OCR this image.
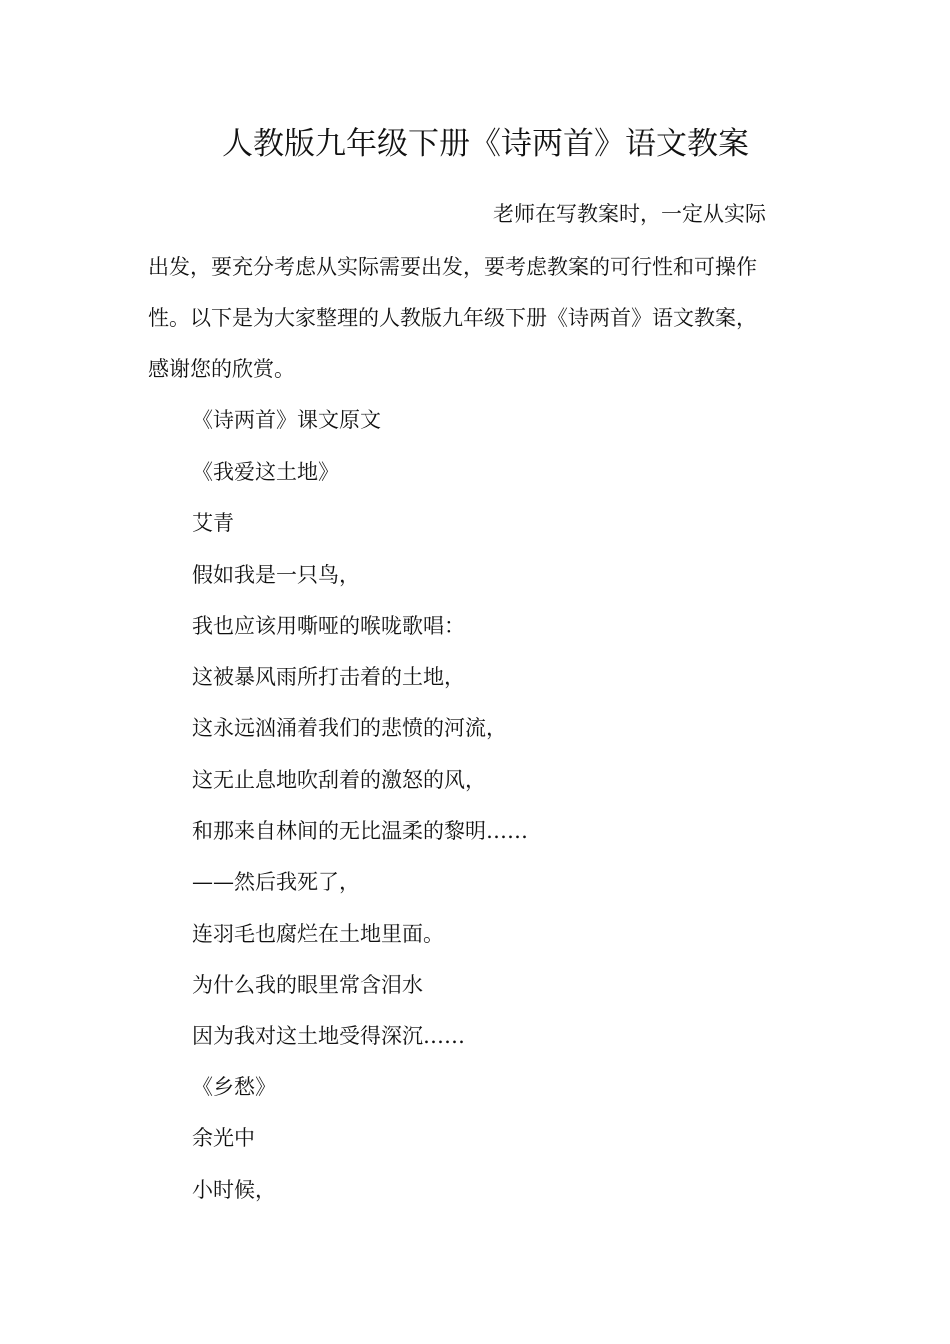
人教版九年级下册《诗两首》语文教案
老师在写教案时，一定从实际
出发，要充分考虑从实际需要出发，要考虑教案的可行性和可操作
性。以下是为大家整理的人教版九年级下册《诗两首》语文教案，
感谢您的欣赏。
《诗两首》课文原文
《我爱这土地》
艾青
假如我是一只鸟，
我也应该用嘶哑的喉咙歌唱：
这被暴风雨所打击着的土地，
这永远汹涌着我们的悲愤的河流，
这无止息地吹刮着的激怒的风，
和那来自林间的无比温柔的黎明……
——然后我死了，
连羽毛也腐烂在土地里面。
为什么我的眼里常含泪水
因为我对这土地受得深沉……
《乡愁》
余光中
小时候，
